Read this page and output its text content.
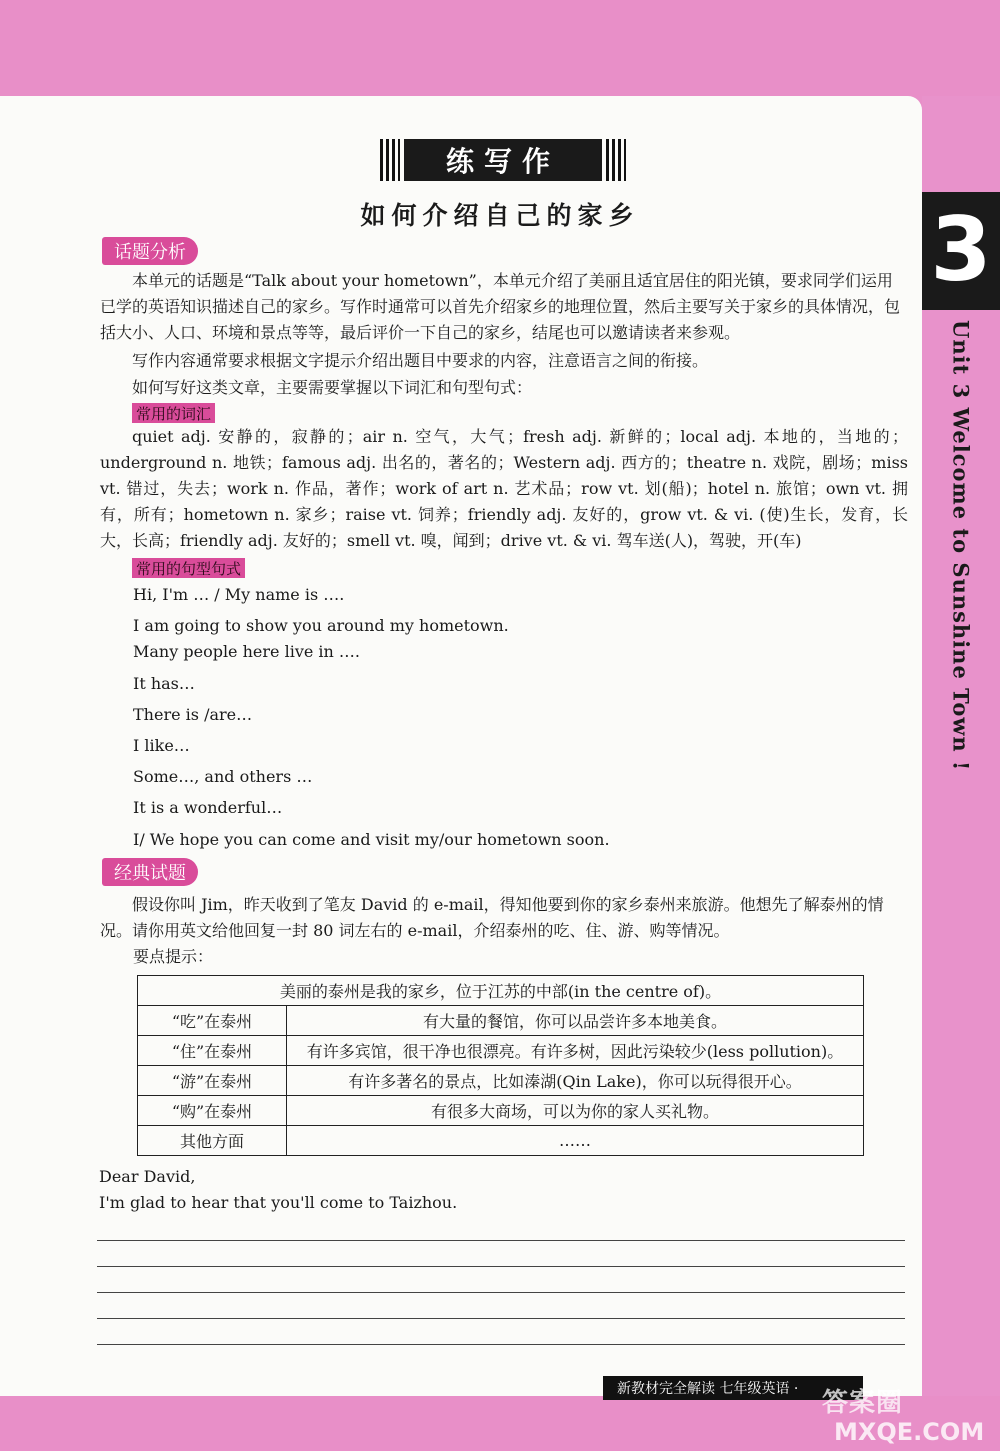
3
Unit 3 Welcome to Sunshine Town !
练写作
如何介绍自己的家乡
话题分析

本单元的话题是“Talk about your hometown”，本单元介绍了美丽且适宜居住的阳光镇，要求同学们运用已学的英语知识描述自己的家乡。写作时通常可以首先介绍家乡的地理位置，然后主要写关于家乡的具体情况，包括大小、人口、环境和景点等等，最后评价一下自己的家乡，结尾也可以邀请读者来参观。

写作内容通常要求根据文字提示介绍出题目中要求的内容，注意语言之间的衔接。

如何写好这类文章，主要需要掌握以下词汇和句型句式：

常用的词汇

quiet adj. 安静的，寂静的；air n. 空气，大气；fresh adj. 新鲜的；local adj. 本地的，当地的；underground n. 地铁；famous adj. 出名的，著名的；Western adj. 西方的；theatre n. 戏院，剧场；miss vt. 错过，失去；work n. 作品，著作；work of art n. 艺术品；row vt. 划(船)；hotel n. 旅馆；own vt. 拥有，所有；hometown n. 家乡；raise vt. 饲养；friendly adj. 友好的，grow vt. & vi. (使)生长，发育，长大，长高；friendly adj. 友好的；smell vt. 嗅，闻到；drive vt. & vi. 驾车送(人)，驾驶，开(车)

常用的句型句式
Hi, I'm … / My name is ….
I am going to show you around my hometown.
Many people here live in ….
It has…
There is /are…
I like…
Some…, and others …
It is a wonderful…
I/ We hope you can come and visit my/our hometown soon.
经典试题

假设你叫 Jim，昨天收到了笔友 David 的 e-mail，得知他要到你的家乡泰州来旅游。他想先了解泰州的情况。请你用英文给他回复一封 80 词左右的 e-mail，介绍泰州的吃、住、游、购等情况。

要点提示：
美丽的泰州是我的家乡，位于江苏的中部(in the centre of)。	
“吃”在泰州	有大量的餐馆，你可以品尝许多本地美食。
“住”在泰州	有许多宾馆，很干净也很漂亮。有许多树，因此污染较少(less pollution)。
“游”在泰州	有许多著名的景点，比如溱湖(Qin Lake)，你可以玩得很开心。
“购”在泰州	有很多大商场，可以为你的家人买礼物。
其他方面	……
Dear David,
I'm glad to hear that you'll come to Taizhou.
新教材完全解读 七年级英语 · 答案圈
MXQE.COM
